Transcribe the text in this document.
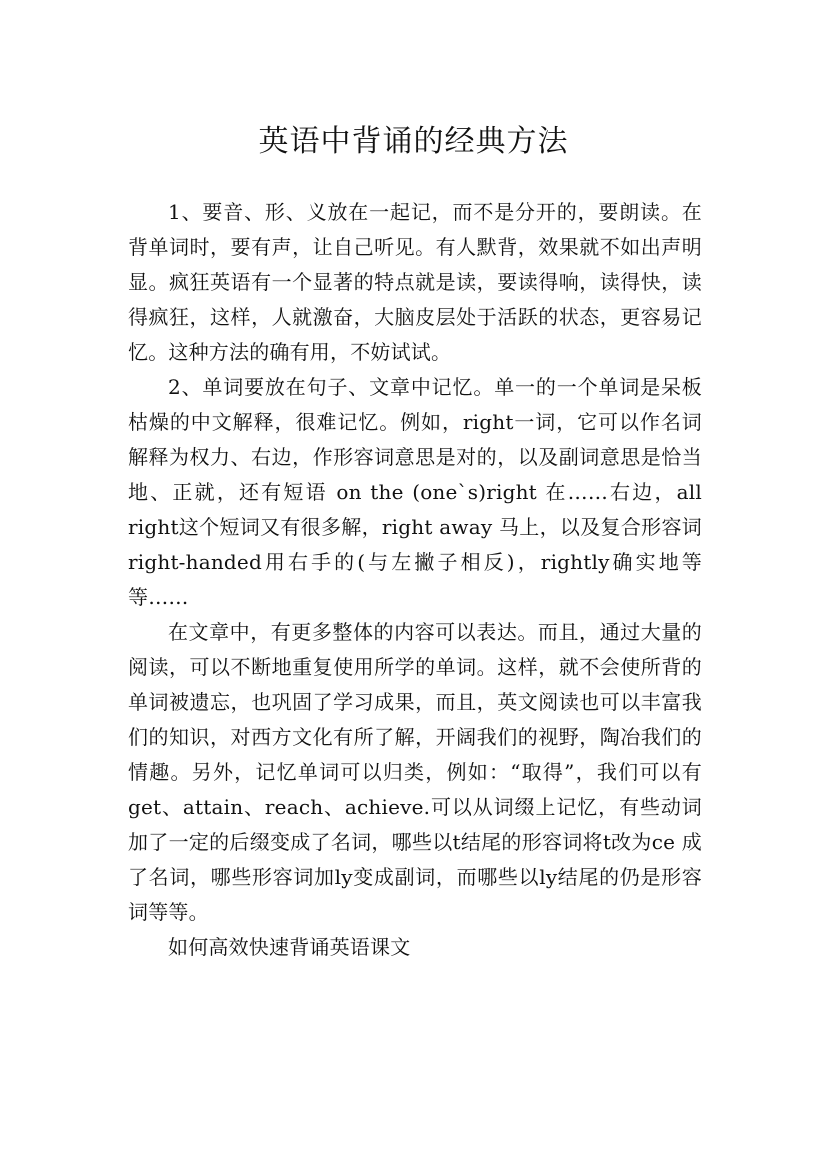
英语中背诵的经典方法

1、要音、形、义放在一起记，而不是分开的，要朗读。在背单词时，要有声，让自己听见。有人默背，效果就不如出声明显。疯狂英语有一个显著的特点就是读，要读得响，读得快，读得疯狂，这样，人就激奋，大脑皮层处于活跃的状态，更容易记忆。这种方法的确有用，不妨试试。

2、单词要放在句子、文章中记忆。单一的一个单词是呆板枯燥的中文解释，很难记忆。例如，right一词，它可以作名词解释为权力、右边，作形容词意思是对的，以及副词意思是恰当地、正就，还有短语 on the (one`s)right 在……右边，all right这个短词又有很多解，right away 马上，以及复合形容词right-handed用右手的(与左撇子相反)，rightly确实地等等……

在文章中，有更多整体的内容可以表达。而且，通过大量的阅读，可以不断地重复使用所学的单词。这样，就不会使所背的单词被遗忘，也巩固了学习成果，而且，英文阅读也可以丰富我们的知识，对西方文化有所了解，开阔我们的视野，陶冶我们的情趣。另外，记忆单词可以归类，例如：“取得”，我们可以有get、attain、reach、achieve.可以从词缀上记忆，有些动词加了一定的后缀变成了名词，哪些以t结尾的形容词将t改为ce 成了名词，哪些形容词加ly变成副词，而哪些以ly结尾的仍是形容词等等。

如何高效快速背诵英语课文
